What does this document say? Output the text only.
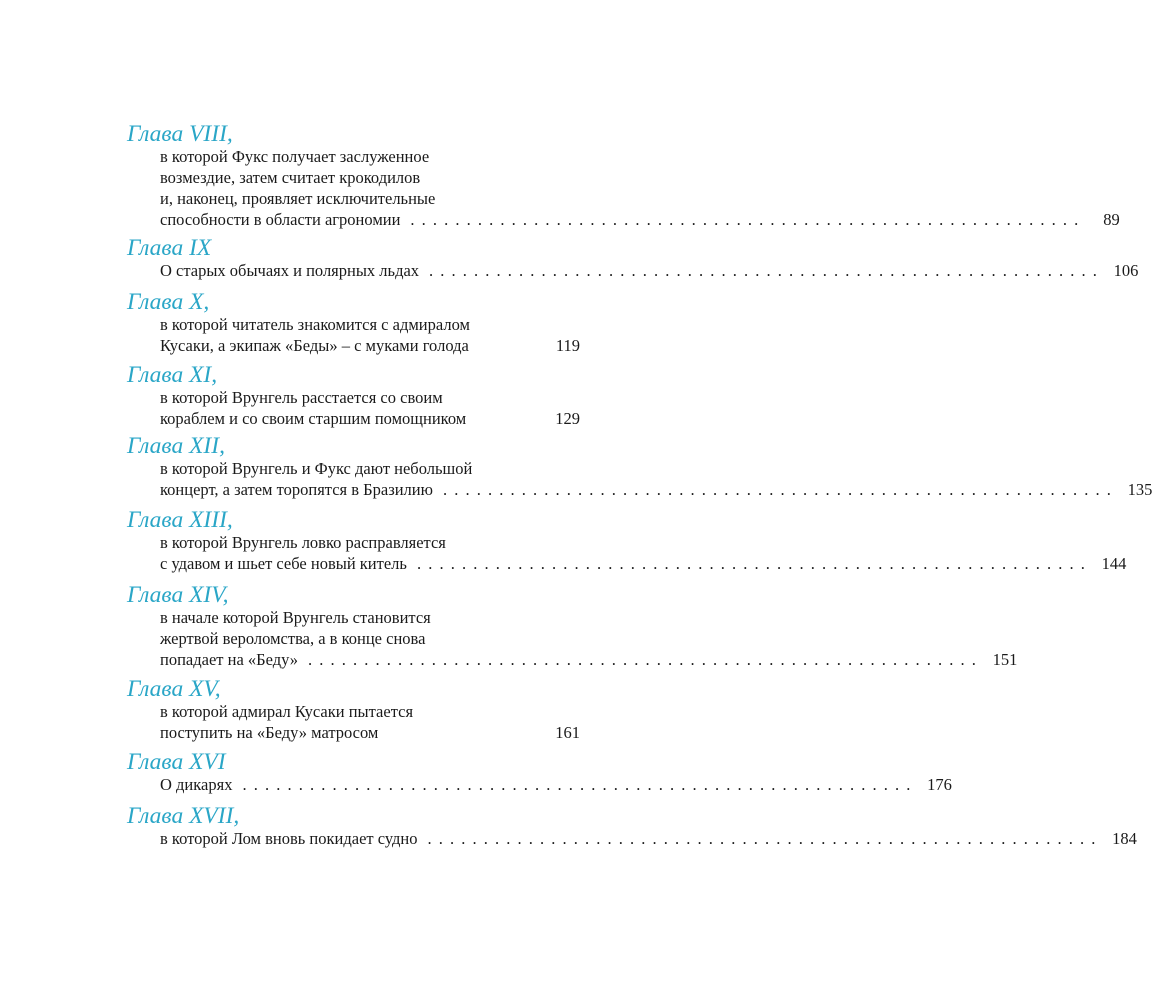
Глава VIII,
в которой Фукс получает заслуженное
возмездие, затем считает крокодилов
и, наконец, проявляет исключительные
способности в области агрономии . . . . . . . . . . . . . . . . . . . . . . . . . . . . . . . . . . . . . . . . . . . . . . . . . . . . . . . . . . . .	89
Глава IX
О старых обычаях и полярных льдах . . . . . . . . . . . . . . . . . . . . . . . . . . . . . . . . . . . . . . . . . . . . . . . . . . . . . . . . . . . . 106
Глава X,
в которой читатель знакомится с адмиралом
Кусаки, а экипаж «Беды» – с муками голода	119
Глава XI,
в которой Врунгель расстается со своим
кораблем и со своим старшим помощником	129
Глава XII,
в которой Врунгель и Фукс дают небольшой
концерт, а затем торопятся в Бразилию . . . . . . . . . . . . . . . . . . . . . . . . . . . . . . . . . . . . . . . . . . . . . . . . . . . . . . . . . . . . 135
Глава XIII,
в которой Врунгель ловко расправляется
с удавом и шьет себе новый китель . . . . . . . . . . . . . . . . . . . . . . . . . . . . . . . . . . . . . . . . . . . . . . . . . . . . . . . . . . . . 144
Глава XIV,
в начале которой Врунгель становится
жертвой вероломства, а в конце снова
попадает на «Беду» . . . . . . . . . . . . . . . . . . . . . . . . . . . . . . . . . . . . . . . . . . . . . . . . . . . . . . . . . . . . 151
Глава XV,
в которой адмирал Кусаки пытается
поступить на «Беду» матросом	161
Глава XVI
О дикарях . . . . . . . . . . . . . . . . . . . . . . . . . . . . . . . . . . . . . . . . . . . . . . . . . . . . . . . . . . . . 176
Глава XVII,
в которой Лом вновь покидает судно . . . . . . . . . . . . . . . . . . . . . . . . . . . . . . . . . . . . . . . . . . . . . . . . . . . . . . . . . . . . 184
